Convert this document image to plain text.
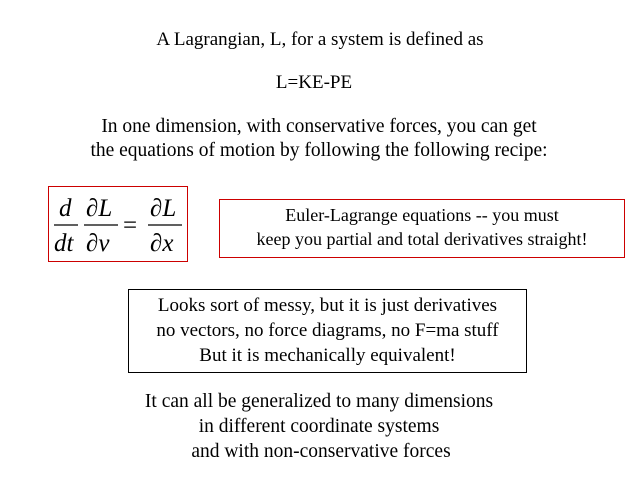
A Lagrangian, L, for a system is defined as
L=KE-PE
In one dimension, with conservative forces, you can get
the equations of motion by following the following recipe:
d
dt
∂L
∂v
=
∂L
∂x
Euler-Lagrange equations -- you must
keep you partial and total derivatives straight!
Looks sort of messy, but it is just derivatives
no vectors, no force diagrams, no F=ma stuff
But it is mechanically equivalent!
It can all be generalized to many dimensions
in different coordinate systems
and with non-conservative forces
